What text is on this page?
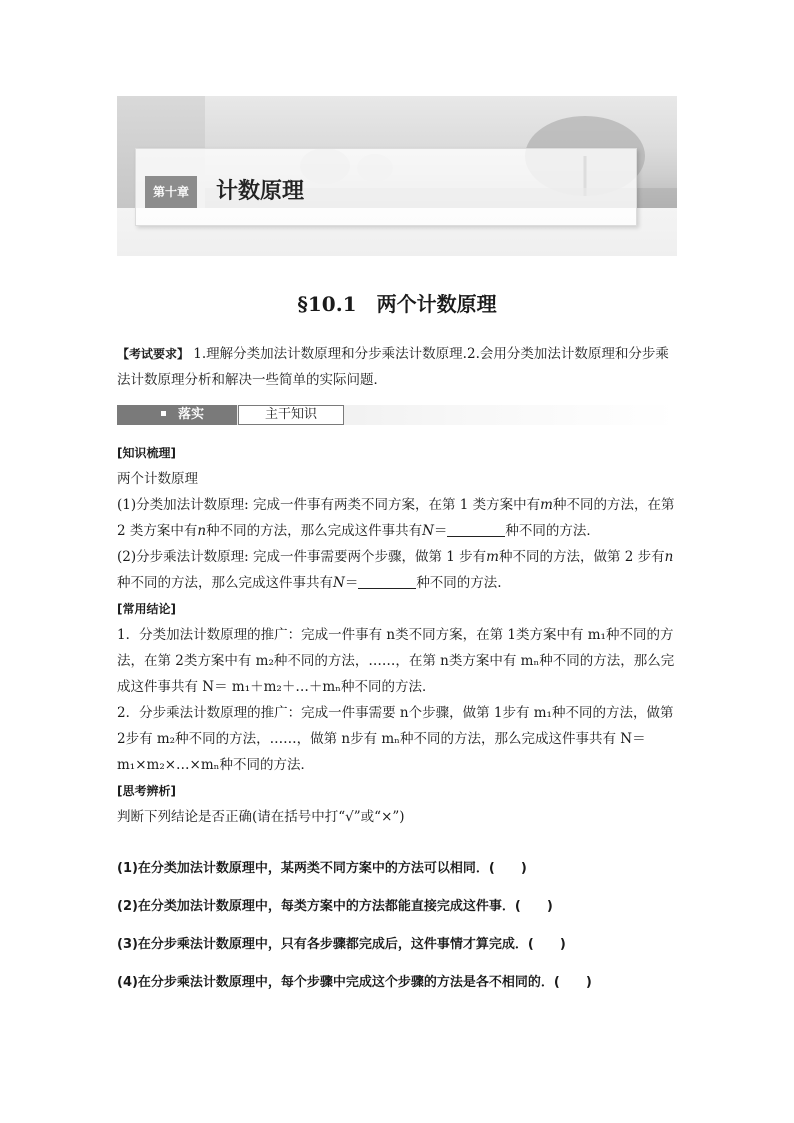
第十章	计数原理
§10.1　两个计数原理
【考试要求】 1.理解分类加法计数原理和分步乘法计数原理.2.会用分类加法计数原理和分步乘法计数原理分析和解决一些简单的实际问题．
落实	主干知识
[知识梳理]
两个计数原理
(1)分类加法计数原理: 完成一件事有两类不同方案，在第 1 类方案中有m种不同的方法，在第 2 类方案中有n种不同的方法，那么完成这件事共有N＝	种不同的方法．
(2)分步乘法计数原理: 完成一件事需要两个步骤，做第 1 步有m种不同的方法，做第 2 步有n种不同的方法，那么完成这件事共有N＝	种不同的方法.
[常用结论]
1．分类加法计数原理的推广：完成一件事有 n类不同方案，在第 1类方案中有 m₁种不同的方法，在第 2类方案中有 m₂种不同的方法，……，在第 n类方案中有 mₙ种不同的方法，那么完成这件事共有 N＝ m₁＋m₂＋…＋mₙ种不同的方法．
2．分步乘法计数原理的推广：完成一件事需要 n个步骤，做第 1步有 m₁种不同的方法，做第 2步有 m₂种不同的方法，……，做第 n步有 mₙ种不同的方法，那么完成这件事共有 N＝m₁×m₂×…×mₙ种不同的方法．
[思考辨析]
判断下列结论是否正确(请在括号中打“√”或“×”)
(1)在分类加法计数原理中，某两类不同方案中的方法可以相同．(　　)
(2)在分类加法计数原理中，每类方案中的方法都能直接完成这件事．(　　)
(3)在分步乘法计数原理中，只有各步骤都完成后，这件事情才算完成．(　　)
(4)在分步乘法计数原理中，每个步骤中完成这个步骤的方法是各不相同的．(　　)
